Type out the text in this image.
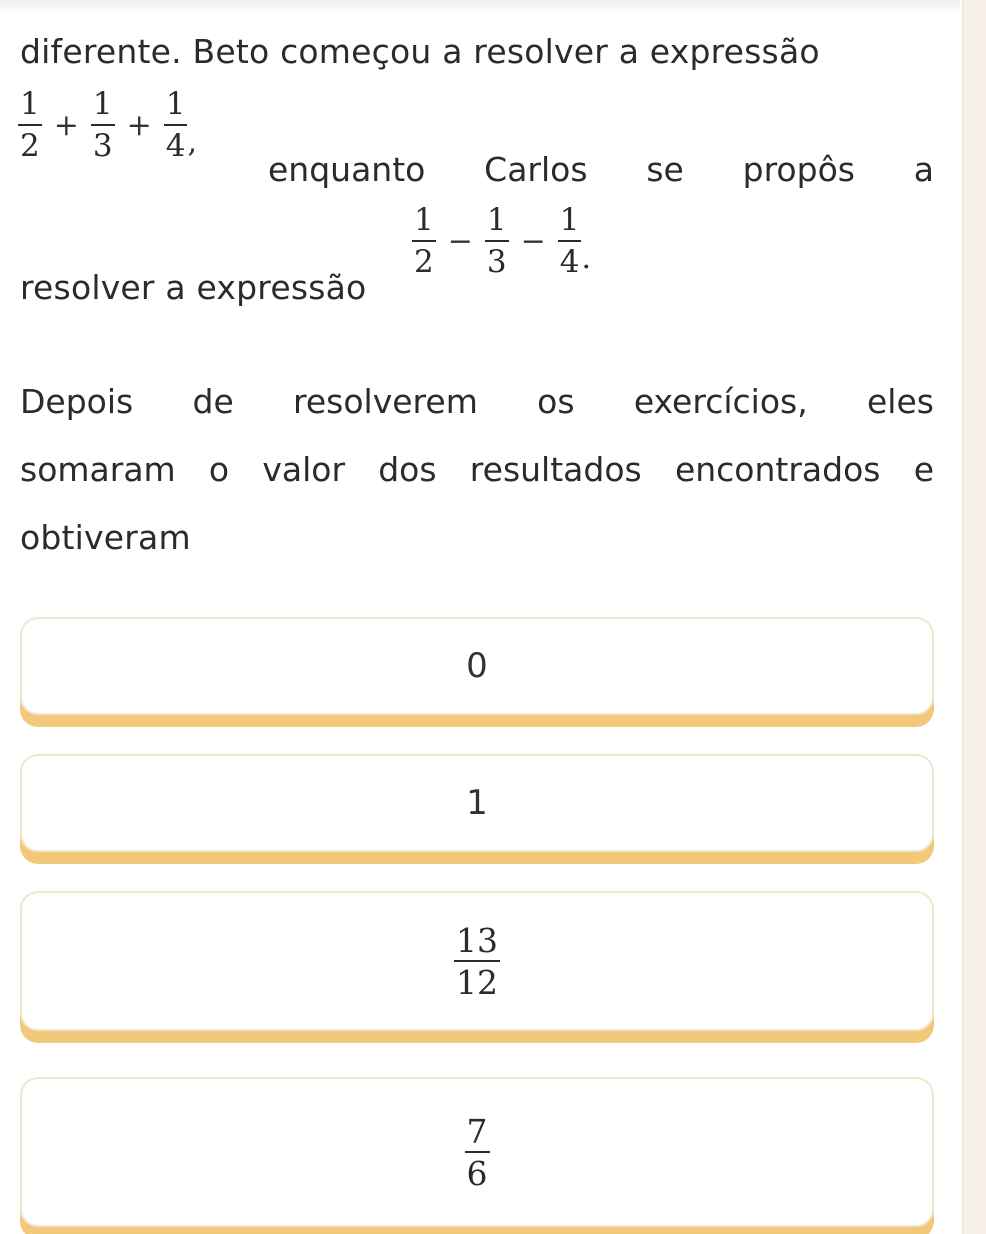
diferente. Beto começou a resolver a expressão
$\frac{1}{2} + \frac{1}{3} + \frac{1}{4}$ ,
enquanto Carlos se propôs a
resolver a expressão
$\frac{1}{2} - \frac{1}{3} - \frac{1}{4}$ .
Depois de resolverem os exercícios, eles
somaram o valor dos resultados encontrados e
obtiveram
0
1
$\frac{13}{12}$
$\frac{7}{6}$
